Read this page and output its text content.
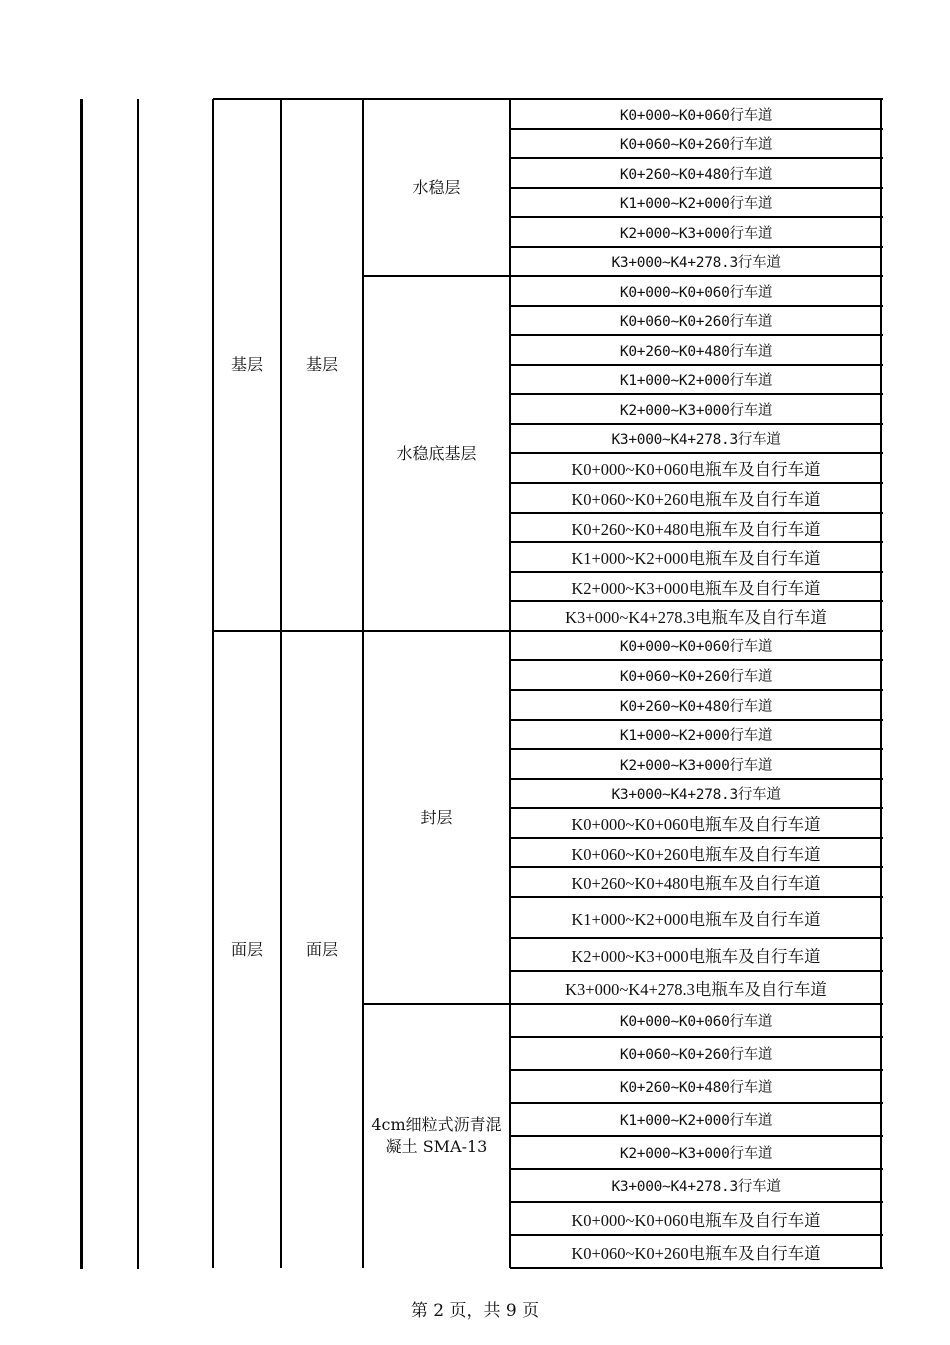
基层	基层
水稳层
K0+000~K0+060行车道
K0+060~K0+260行车道
K0+260~K0+480行车道
K1+000~K2+000行车道
K2+000~K3+000行车道
K3+000~K4+278.3行车道
水稳底基层
K0+000~K0+060行车道
K0+060~K0+260行车道
K0+260~K0+480行车道
K1+000~K2+000行车道
K2+000~K3+000行车道
K3+000~K4+278.3行车道
K0+000~K0+060电瓶车及自行车道
K0+060~K0+260电瓶车及自行车道
K0+260~K0+480电瓶车及自行车道
K1+000~K2+000电瓶车及自行车道
K2+000~K3+000电瓶车及自行车道
K3+000~K4+278.3电瓶车及自行车道
面层	面层
封层
K0+000~K0+060行车道
K0+060~K0+260行车道
K0+260~K0+480行车道
K1+000~K2+000行车道
K2+000~K3+000行车道
K3+000~K4+278.3行车道
K0+000~K0+060电瓶车及自行车道
K0+060~K0+260电瓶车及自行车道
K0+260~K0+480电瓶车及自行车道
K1+000~K2+000电瓶车及自行车道
K2+000~K3+000电瓶车及自行车道
K3+000~K4+278.3电瓶车及自行车道
4cm细粒式沥青混凝土 SMA-13
K0+000~K0+060行车道
K0+060~K0+260行车道
K0+260~K0+480行车道
K1+000~K2+000行车道
K2+000~K3+000行车道
K3+000~K4+278.3行车道
K0+000~K0+060电瓶车及自行车道
K0+060~K0+260电瓶车及自行车道
第 2 页，共 9 页
